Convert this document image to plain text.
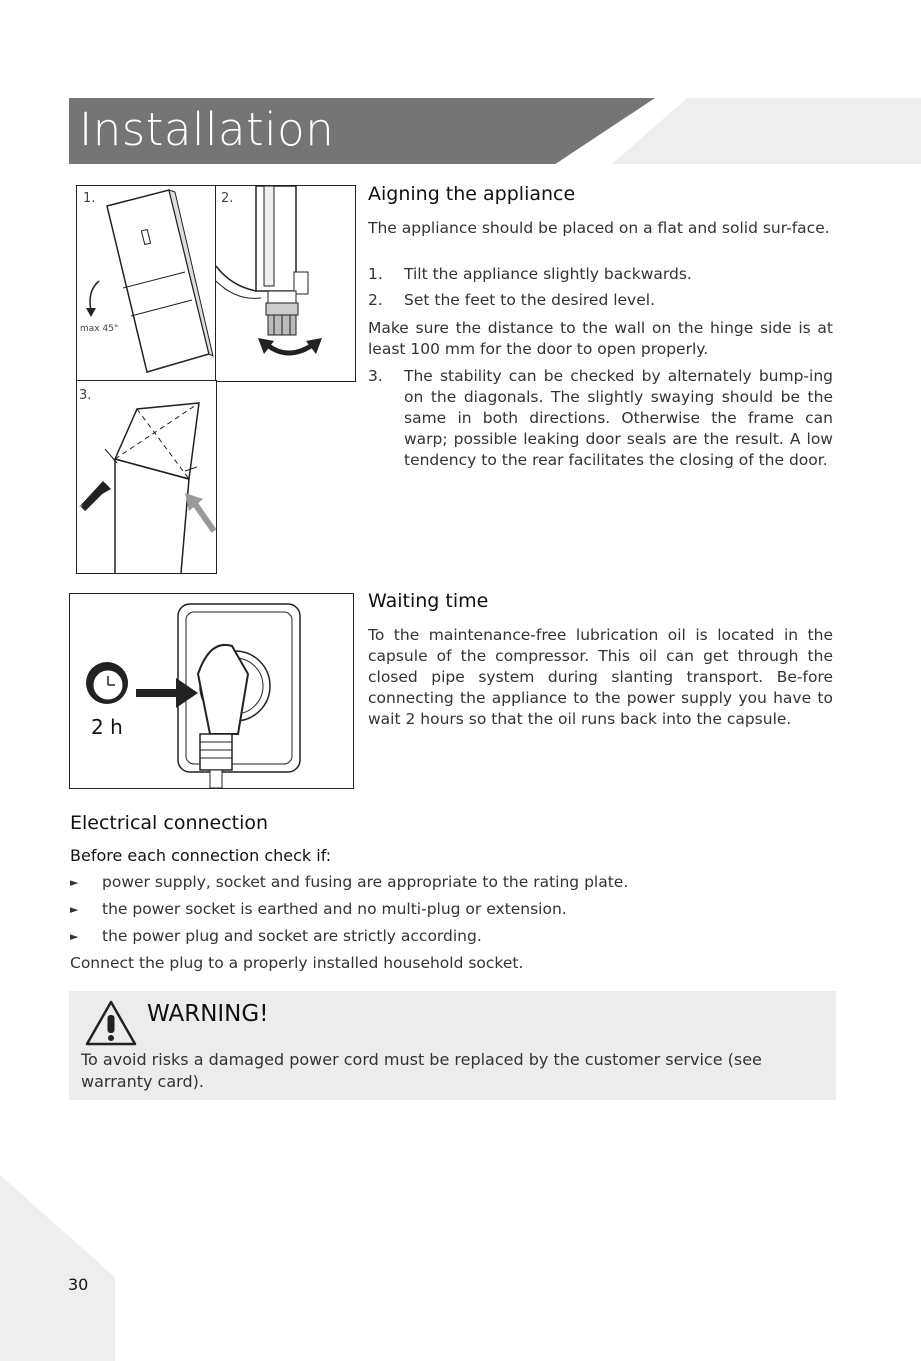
Installation
1.
max 45°
2.
3.
2 h
Aigning the appliance

The appliance should be placed on a flat and solid sur-face.

1. Tilt the appliance slightly backwards.
2. Set the feet to the desired level.

Make sure the distance to the wall on the hinge side is at least 100 mm for the door to open properly.

3. The stability can be checked by alternately bump-ing on the diagonals. The slightly swaying should be the same in both directions. Otherwise the frame can warp; possible leaking door seals are the result. A low tendency to the rear facilitates the closing of the door.
Waiting time

To the maintenance-free lubrication oil is located in the capsule of the compressor. This oil can get through the closed pipe system during slanting transport. Be-fore connecting the appliance to the power supply you have to wait 2 hours so that the oil runs back into the capsule.

Electrical connection
Before each connection check if:
► power supply, socket and fusing are appropriate to the rating plate.
► the power socket is earthed and no multi-plug or extension.
► the power plug and socket are strictly according.
Connect the plug to a properly installed household socket.
WARNING!
To avoid risks a damaged power cord must be replaced by the customer service (see warranty card).
30
